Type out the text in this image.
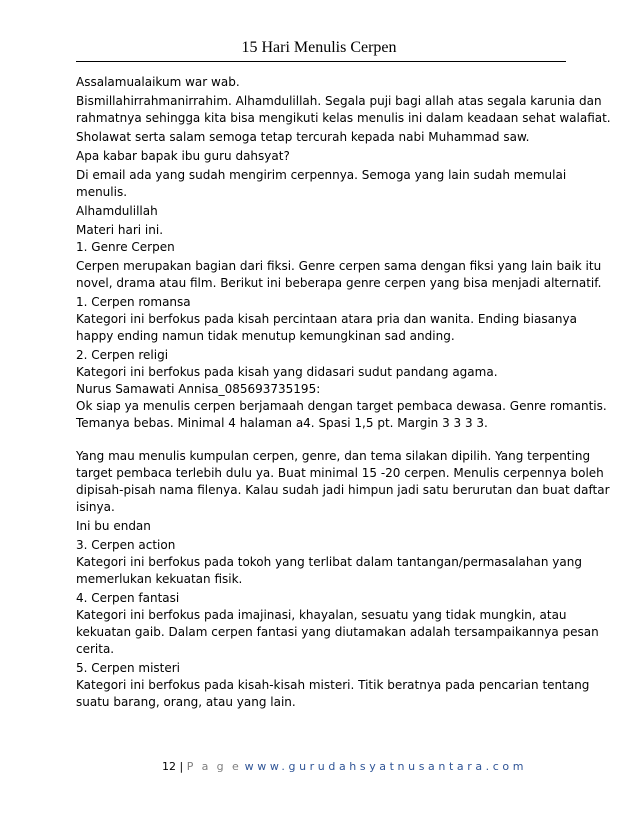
15 Hari Menulis Cerpen

Assalamualaikum war wab.

Bismillahirrahmanirrahim. Alhamdulillah. Segala puji bagi allah atas segala karunia dan
rahmatnya sehingga kita bisa mengikuti kelas menulis ini dalam keadaan sehat walafiat.

Sholawat serta salam semoga tetap tercurah kepada nabi Muhammad saw.

Apa kabar bapak ibu guru dahsyat?

Di email ada yang sudah mengirim cerpennya. Semoga yang lain sudah memulai
menulis.

Alhamdulillah

Materi hari ini.
1. Genre Cerpen

Cerpen merupakan bagian dari fiksi. Genre cerpen sama dengan fiksi yang lain baik itu
novel, drama atau film. Berikut ini beberapa genre cerpen yang bisa menjadi alternatif.

1. Cerpen romansa
Kategori ini berfokus pada kisah percintaan atara pria dan wanita. Ending biasanya
happy ending namun tidak menutup kemungkinan sad anding.

2. Cerpen religi
Kategori ini berfokus pada kisah yang didasari sudut pandang agama.
Nurus Samawati Annisa_085693735195:
Ok siap ya menulis cerpen berjamaah dengan target pembaca dewasa. Genre romantis.
Temanya bebas. Minimal 4 halaman a4. Spasi 1,5 pt. Margin 3 3 3 3.

Yang mau menulis kumpulan cerpen, genre, dan tema silakan dipilih. Yang terpenting
target pembaca terlebih dulu ya. Buat minimal 15 -20 cerpen. Menulis cerpennya boleh
dipisah-pisah nama filenya. Kalau sudah jadi himpun jadi satu berurutan dan buat daftar
isinya.

Ini bu endan

3. Cerpen action
Kategori ini berfokus pada tokoh yang terlibat dalam tantangan/permasalahan yang
memerlukan kekuatan fisik.

4. Cerpen fantasi
Kategori ini berfokus pada imajinasi, khayalan, sesuatu yang tidak mungkin, atau
kekuatan gaib. Dalam cerpen fantasi yang diutamakan adalah tersampaikannya pesan
cerita.

5. Cerpen misteri
Kategori ini berfokus pada kisah-kisah misteri. Titik beratnya pada pencarian tentang
suatu barang, orang, atau yang lain.

12 | P a g e www.gurudahsyatnusantara.com
